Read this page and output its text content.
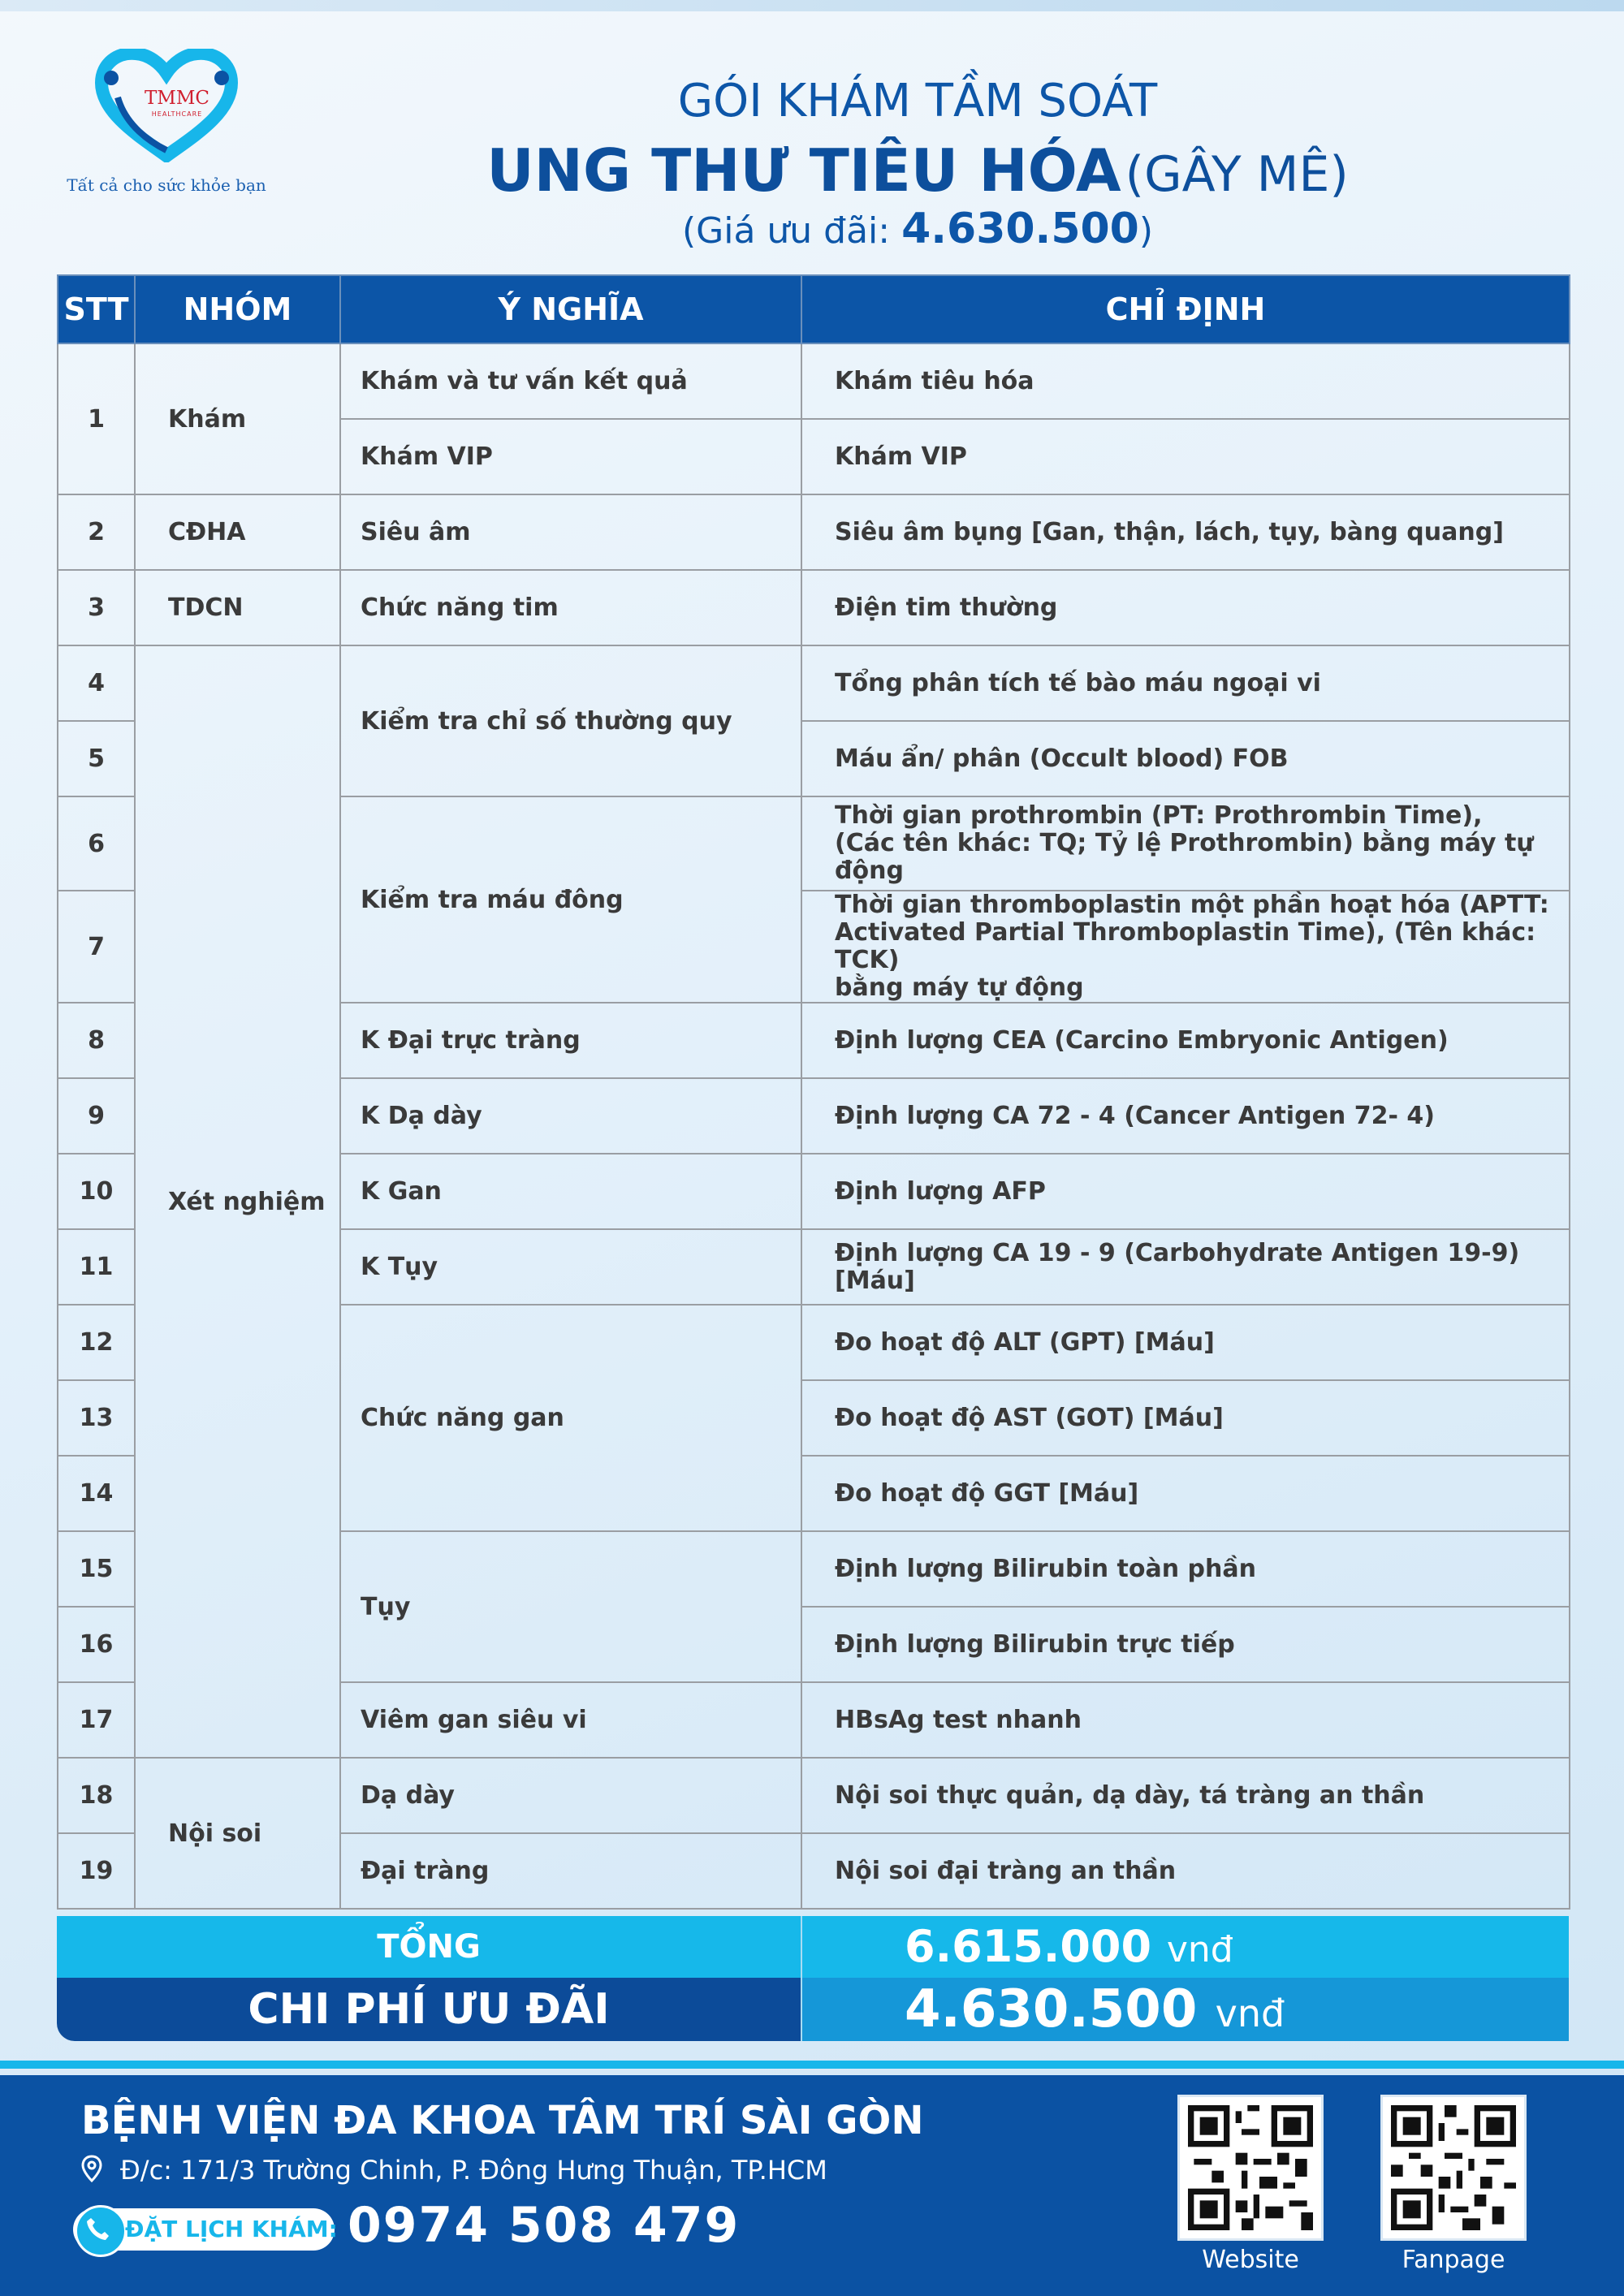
TMMC
HEALTHCARE
Tất cả cho sức khỏe bạn
GÓI KHÁM TẦM SOÁT
UNG THƯ TIÊU HÓA (GÂY MÊ)
(Giá ưu đãi: 4.630.500)
STT	NHÓM	Ý NGHĨA	CHỈ ĐỊNH
1	Khám	Khám và tư vấn kết quả	Khám tiêu hóa

		Khám VIP	Khám VIP

2	CĐHA	Siêu âm	Siêu âm bụng [Gan, thận, lách, tụy, bàng quang]

3	TDCN	Chức năng tim	Điện tim thường

4	Xét nghiệm	Kiểm tra chỉ số thường quy	Tổng phân tích tế bào máu ngoại vi

5			Máu ẩn/ phân (Occult blood) FOB

6		Kiểm tra máu đông	Thời gian prothrombin (PT: Prothrombin Time),
(Các tên khác: TQ; Tỷ lệ Prothrombin) bằng máy tự động

7			Thời gian thromboplastin một phần hoạt hóa (APTT:
Activated Partial Thromboplastin Time), (Tên khác: TCK)
bằng máy tự động

8		K Đại trực tràng	Định lượng CEA (Carcino Embryonic Antigen)

9		K Dạ dày	Định lượng CA 72 - 4 (Cancer Antigen 72- 4)

10		K Gan	Định lượng AFP

11		K Tụy	Định lượng CA 19 - 9 (Carbohydrate Antigen 19-9) [Máu]

12		Chức năng gan	Đo hoạt độ ALT (GPT) [Máu]

13			Đo hoạt độ AST (GOT) [Máu]

14			Đo hoạt độ GGT [Máu]

15		Tụy	Định lượng Bilirubin toàn phần

16			Định lượng Bilirubin trực tiếp

17		Viêm gan siêu vi	HBsAg test nhanh

18	Nội soi	Dạ dày	Nội soi thực quản, dạ dày, tá tràng an thần

19		Đại tràng	Nội soi đại tràng an thần
TỔNG	6.615.000 vnđ
CHI PHÍ ƯU ĐÃI	4.630.500 vnđ
BỆNH VIỆN ĐA KHOA TÂM TRÍ SÀI GÒN
Đ/c: 171/3 Trường Chinh, P. Đông Hưng Thuận, TP.HCM
ĐẶT LỊCH KHÁM: 0974 508 479
Website	Fanpage
